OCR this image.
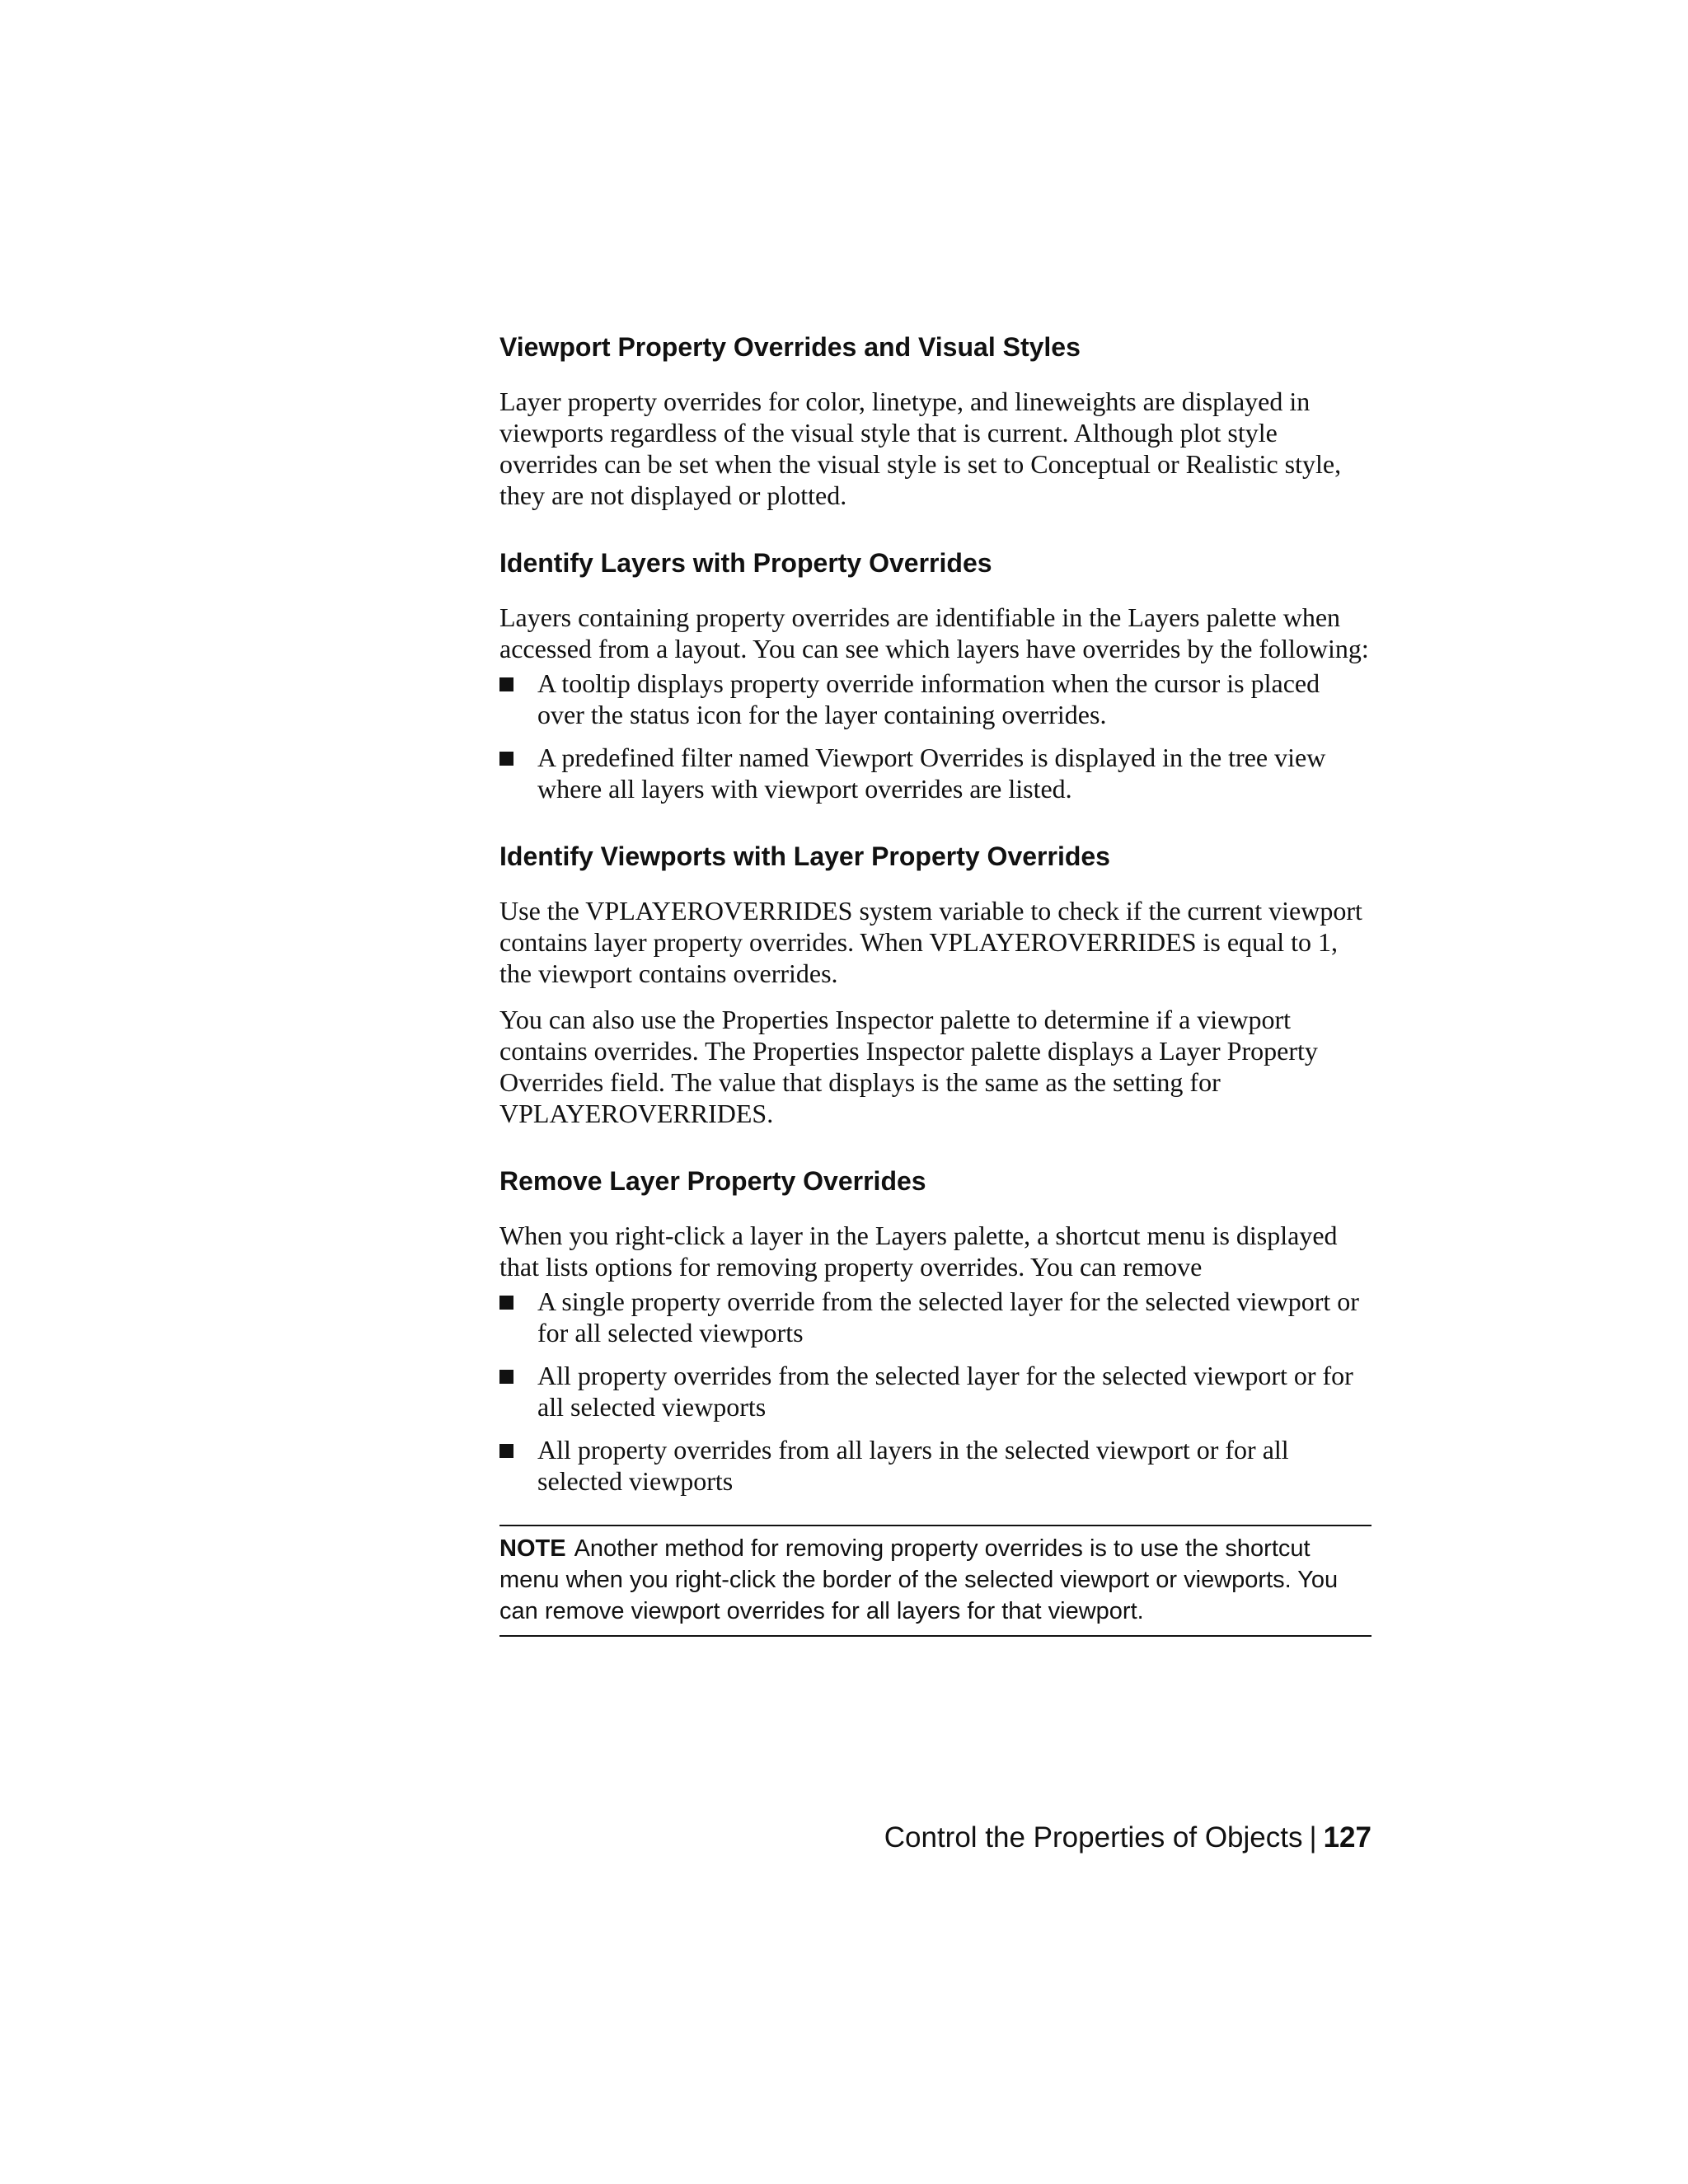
Viewport Property Overrides and Visual Styles

Layer property overrides for color, linetype, and lineweights are displayed in viewports regardless of the visual style that is current. Although plot style overrides can be set when the visual style is set to Conceptual or Realistic style, they are not displayed or plotted.

Identify Layers with Property Overrides

Layers containing property overrides are identifiable in the Layers palette when accessed from a layout. You can see which layers have overrides by the following:

A tooltip displays property override information when the cursor is placed over the status icon for the layer containing overrides.
A predefined filter named Viewport Overrides is displayed in the tree view where all layers with viewport overrides are listed.
Identify Viewports with Layer Property Overrides

Use the VPLAYEROVERRIDES system variable to check if the current viewport contains layer property overrides. When VPLAYEROVERRIDES is equal to 1, the viewport contains overrides.

You can also use the Properties Inspector palette to determine if a viewport contains overrides. The Properties Inspector palette displays a Layer Property Overrides field. The value that displays is the same as the setting for VPLAYEROVERRIDES.

Remove Layer Property Overrides

When you right-click a layer in the Layers palette, a shortcut menu is displayed that lists options for removing property overrides. You can remove

A single property override from the selected layer for the selected viewport or for all selected viewports
All property overrides from the selected layer for the selected viewport or for all selected viewports
All property overrides from all layers in the selected viewport or for all selected viewports
NOTE Another method for removing property overrides is to use the shortcut menu when you right-click the border of the selected viewport or viewports. You can remove viewport overrides for all layers for that viewport.
Control the Properties of Objects | 127
